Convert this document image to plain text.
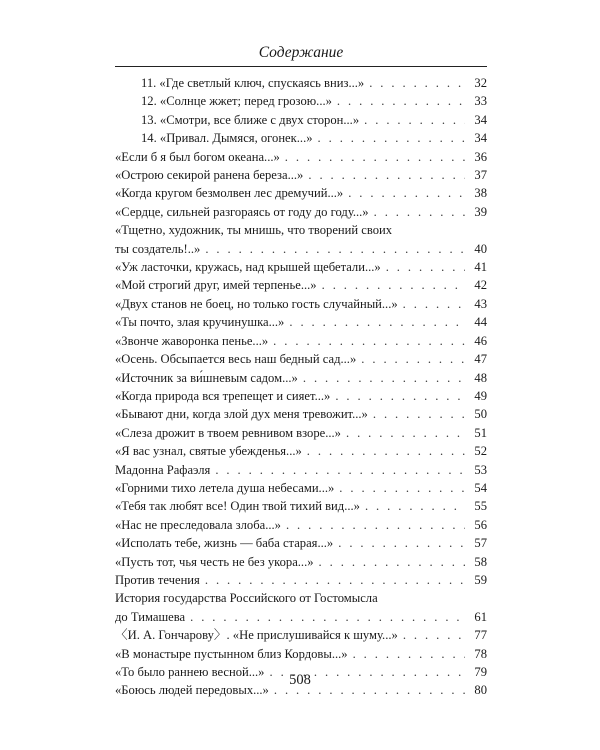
Содержание
11. «Где светлый ключ, спускаясь вниз...» . . .	32
12. «Солнце жжет; перед грозою...» . . .	33
13. «Смотри, все ближе с двух сторон...» . . .	34
14. «Привал. Дымяся, огонек...» . . .	34
«Если б я был богом океана...» . . .	36
«Острою секирой ранена береза...» . . .	37
«Когда кругом безмолвен лес дремучий...» . . .	38
«Сердце, сильней разгораясь от году до году...» . . .	39
«Тщетно, художник, ты мнишь, что творений своих
ты создатель!..» . . .	40
«Уж ласточки, кружась, над крышей щебетали...» . . .	41
«Мой строгий друг, имей терпенье...» . . .	42
«Двух станов не боец, но только гость случайный...» . . .	43
«Ты почто, злая кручинушка...» . . .	44
«Звонче жаворонка пенье...» . . .	46
«Осень. Обсыпается весь наш бедный сад...» . . .	47
«Источник за ви́шневым садом...» . . .	48
«Когда природа вся трепещет и сияет...» . . .	49
«Бывают дни, когда злой дух меня тревожит...» . . .	50
«Слеза дрожит в твоем ревнивом взоре...» . . .	51
«Я вас узнал, святые убежденья...» . . .	52
Мадонна Рафаэля . . .	53
«Горними тихо летела душа небесами...» . . .	54
«Тебя так любят все! Один твой тихий вид...» . . .	55
«Нас не преследовала злоба...» . . .	56
«Исполать тебе, жизнь — баба старая...» . . .	57
«Пусть тот, чья честь не без укора...» . . .	58
Против течения . . .	59
История государства Российского от Гостомысла
до Тимашева . . .	61
〈И. А. Гончарову〉. «Не прислушивайся к шуму...» . . .	77
«В монастыре пустынном близ Кордовы...» . . .	78
«То было раннею весной...» . . .	79
«Боюсь людей передовых...» . . .	80
508
